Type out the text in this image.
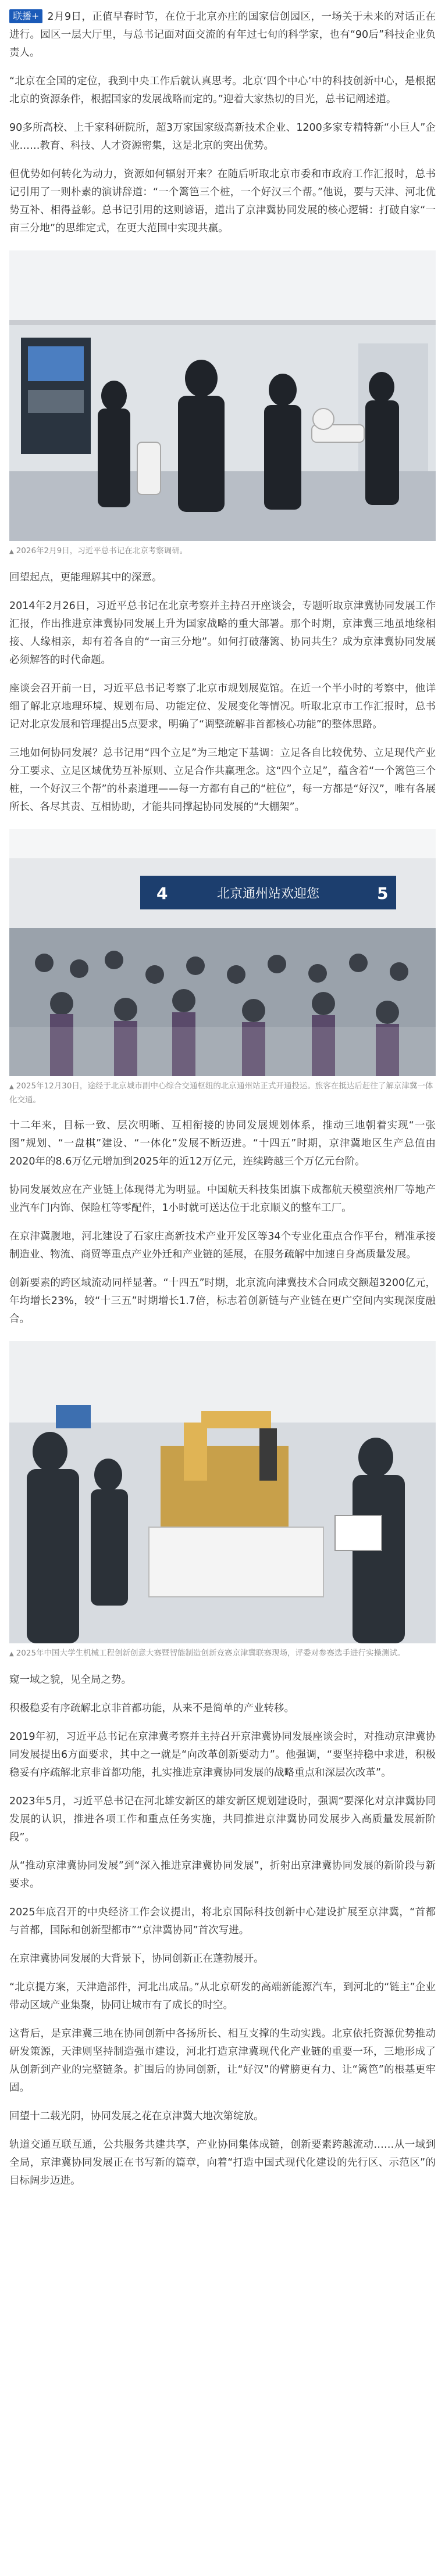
联播+ 2月9日，正值早春时节，在位于北京亦庄的国家信创园区，一场关于未来的对话正在进行。园区一层大厅里，与总书记面对面交流的有年过七旬的科学家，也有“90后”科技企业负责人。

“北京在全国的定位，我到中央工作后就认真思考。北京‘四个中心’中的科技创新中心，是根据北京的资源条件，根据国家的发展战略而定的。”迎着大家热切的目光，总书记阐述道。

90多所高校、上千家科研院所，超3万家国家级高新技术企业、1200多家专精特新“小巨人”企业……教育、科技、人才资源密集，这是北京的突出优势。

但优势如何转化为动力，资源如何辐射开来？在随后听取北京市委和市政府工作汇报时，总书记引用了一则朴素的演讲辞道：“一个篱笆三个桩，一个好汉三个帮。”他说，要与天津、河北优势互补、相得益彰。总书记引用的这则谚语，道出了京津冀协同发展的核心逻辑：打破自家“一亩三分地”的思维定式，在更大范围中实现共赢。

▲ 2026年2月9日，习近平总书记在北京考察调研。

回望起点，更能理解其中的深意。

2014年2月26日，习近平总书记在北京考察并主持召开座谈会，专题听取京津冀协同发展工作汇报，作出推进京津冀协同发展上升为国家战略的重大部署。那个时期，京津冀三地虽地缘相接、人缘相亲，却有着各自的“一亩三分地”。如何打破藩篱、协同共生？成为京津冀协同发展必须解答的时代命题。

座谈会召开前一日，习近平总书记考察了北京市规划展览馆。在近一个半小时的考察中，他详细了解北京地理环境、规划布局、功能定位、发展变化等情况。听取北京市工作汇报时，总书记对北京发展和管理提出5点要求，明确了“调整疏解非首都核心功能”的整体思路。

三地如何协同发展？总书记用“四个立足”为三地定下基调：立足各自比较优势、立足现代产业分工要求、立足区域优势互补原则、立足合作共赢理念。这“四个立足”，蕴含着“一个篱笆三个桩，一个好汉三个帮”的朴素道理——每一方都有自己的“桩位”，每一方都是“好汉”，唯有各展所长、各尽其责、互相协助，才能共同撑起协同发展的“大棚架”。

4	北京通州站欢迎您	5
▲ 2025年12月30日，途经于北京城市副中心综合交通枢纽的北京通州站正式开通投运。旅客在抵达后赶往了解京津冀一体化交通。

十二年来，目标一致、层次明晰、互相衔接的协同发展规划体系，推动三地朝着实现“一张图”规划、“一盘棋”建设、“一体化”发展不断迈进。“十四五”时期，京津冀地区生产总值由2020年的8.6万亿元增加到2025年的近12万亿元，连续跨越三个万亿元台阶。

协同发展效应在产业链上体现得尤为明显。中国航天科技集团旗下成都航天模塑滨州厂等地产业汽车门内饰、保险杠等零配件，1小时就可送达位于北京顺义的整车工厂。

在京津冀腹地，河北建设了石家庄高新技术产业开发区等34个专业化重点合作平台，精准承接制造业、物流、商贸等重点产业外迁和产业链的延展，在服务疏解中加速自身高质量发展。

创新要素的跨区域流动同样显著。“十四五”时期，北京流向津冀技术合同成交额超3200亿元，年均增长23%，较“十三五”时期增长1.7倍，标志着创新链与产业链在更广空间内实现深度融合。

▲ 2025年中国大学生机械工程创新创意大赛暨智能制造创新竞赛京津冀联赛现场，评委对参赛选手进行实操测试。

窥一域之貌，见全局之势。

积极稳妥有序疏解北京非首都功能，从来不是简单的产业转移。

2019年初，习近平总书记在京津冀考察并主持召开京津冀协同发展座谈会时，对推动京津冀协同发展提出6方面要求，其中之一就是“向改革创新要动力”。他强调，“要坚持稳中求进，积极稳妥有序疏解北京非首都功能，扎实推进京津冀协同发展的战略重点和深层次改革”。

2023年5月，习近平总书记在河北雄安新区的雄安新区规划建设时，强调“要深化对京津冀协同发展的认识，推进各项工作和重点任务实施，共同推进京津冀协同发展步入高质量发展新阶段”。

从“推动京津冀协同发展”到“深入推进京津冀协同发展”，折射出京津冀协同发展的新阶段与新要求。

2025年底召开的中央经济工作会议提出，将北京国际科技创新中心建设扩展至京津冀，“首都与首都，国际和创新型都市”“京津冀协同”首次写进。

在京津冀协同发展的大背景下，协同创新正在蓬勃展开。

“北京提方案，天津造部件，河北出成品。”从北京研发的高端新能源汽车，到河北的“链主”企业带动区域产业集聚，协同让城市有了成长的时空。

这背后，是京津冀三地在协同创新中各扬所长、相互支撑的生动实践。北京依托资源优势推动研发策源，天津则坚持制造强市建设，河北打造京津冀现代化产业链的重要一环，三地形成了从创新到产业的完整链条。扩围后的协同创新，让“好汉”的臂膀更有力、让“篱笆”的根基更牢固。

回望十二载光阴，协同发展之花在京津冀大地次第绽放。

轨道交通互联互通，公共服务共建共享，产业协同集体成链，创新要素跨越流动……从一域到全局，京津冀协同发展正在书写新的篇章，向着“打造中国式现代化建设的先行区、示范区”的目标阔步迈进。
